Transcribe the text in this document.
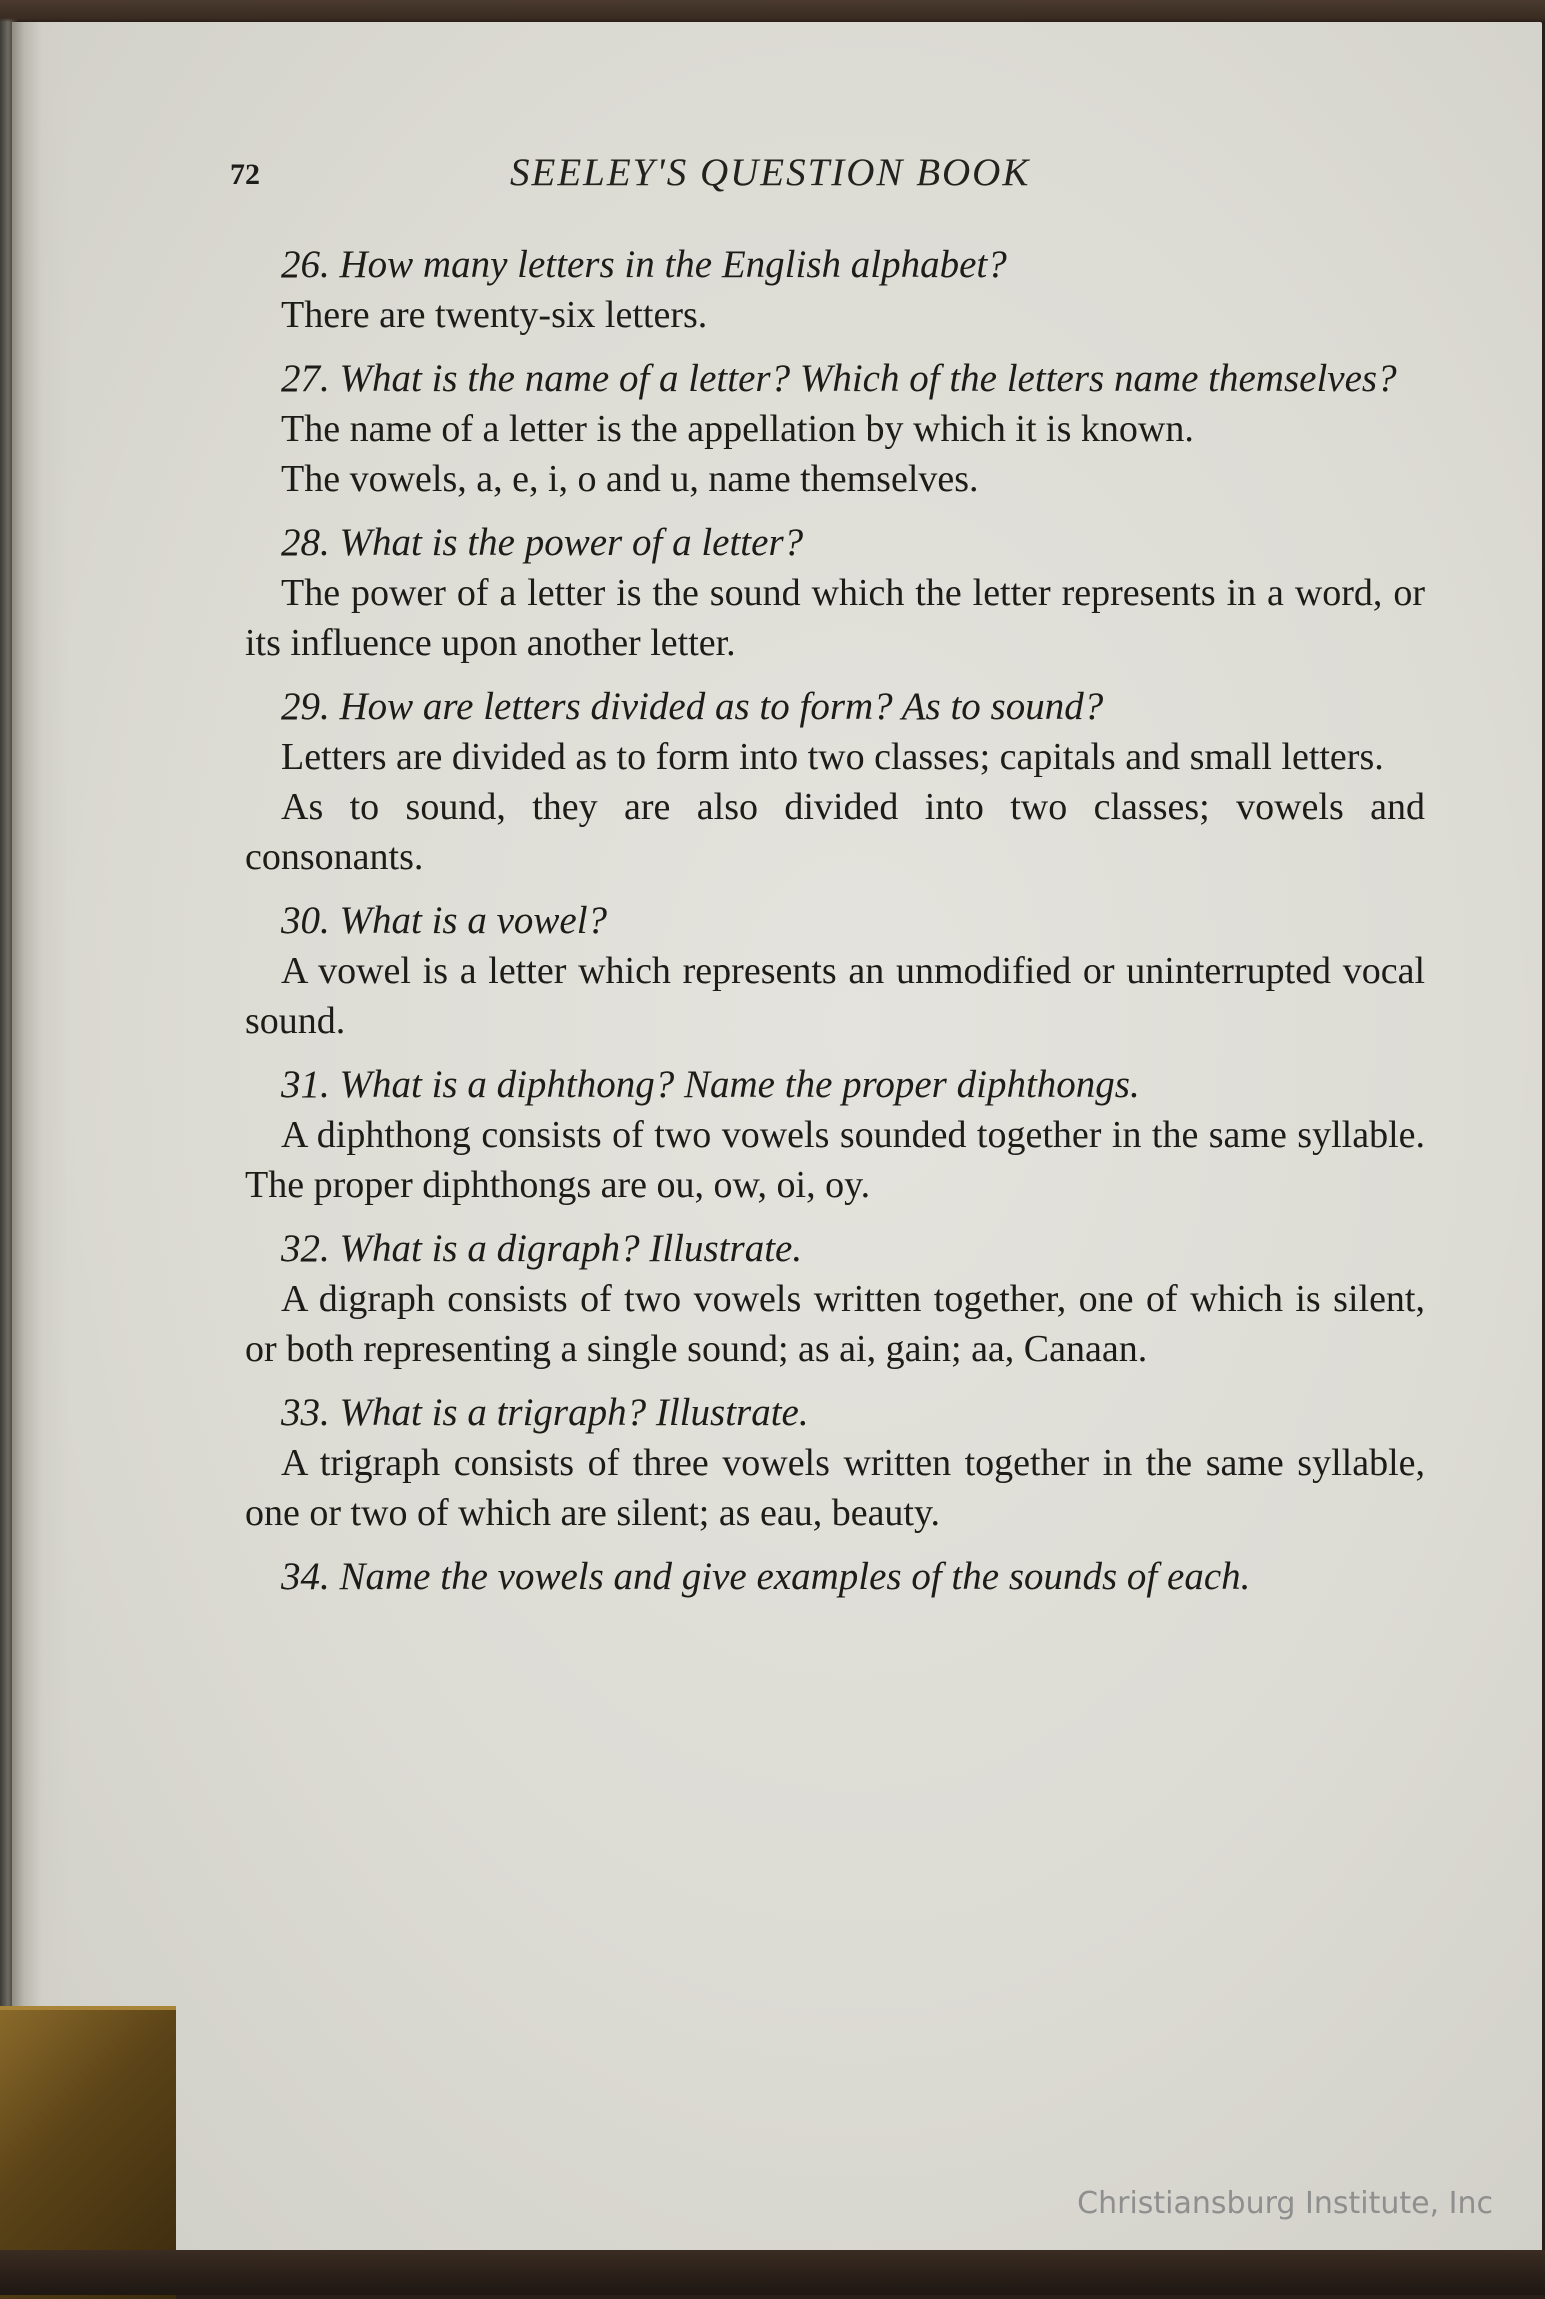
72	SEELEY'S QUESTION BOOK
26. How many letters in the English alphabet?
There are twenty-six letters.
27. What is the name of a letter? Which of the letters name themselves?
The name of a letter is the appellation by which it is known.
The vowels, a, e, i, o and u, name themselves.
28. What is the power of a letter?
The power of a letter is the sound which the letter represents in a word, or its influence upon another letter.
29. How are letters divided as to form? As to sound?
Letters are divided as to form into two classes; capitals and small letters.
As to sound, they are also divided into two classes; vowels and consonants.
30. What is a vowel?
A vowel is a letter which represents an unmodified or uninterrupted vocal sound.
31. What is a diphthong? Name the proper diphthongs.
A diphthong consists of two vowels sounded together in the same syllable. The proper diphthongs are ou, ow, oi, oy.
32. What is a digraph? Illustrate.
A digraph consists of two vowels written together, one of which is silent, or both representing a single sound; as ai, gain; aa, Canaan.
33. What is a trigraph? Illustrate.
A trigraph consists of three vowels written together in the same syllable, one or two of which are silent; as eau, beauty.
34. Name the vowels and give examples of the sounds of each.
Christiansburg Institute, Inc
